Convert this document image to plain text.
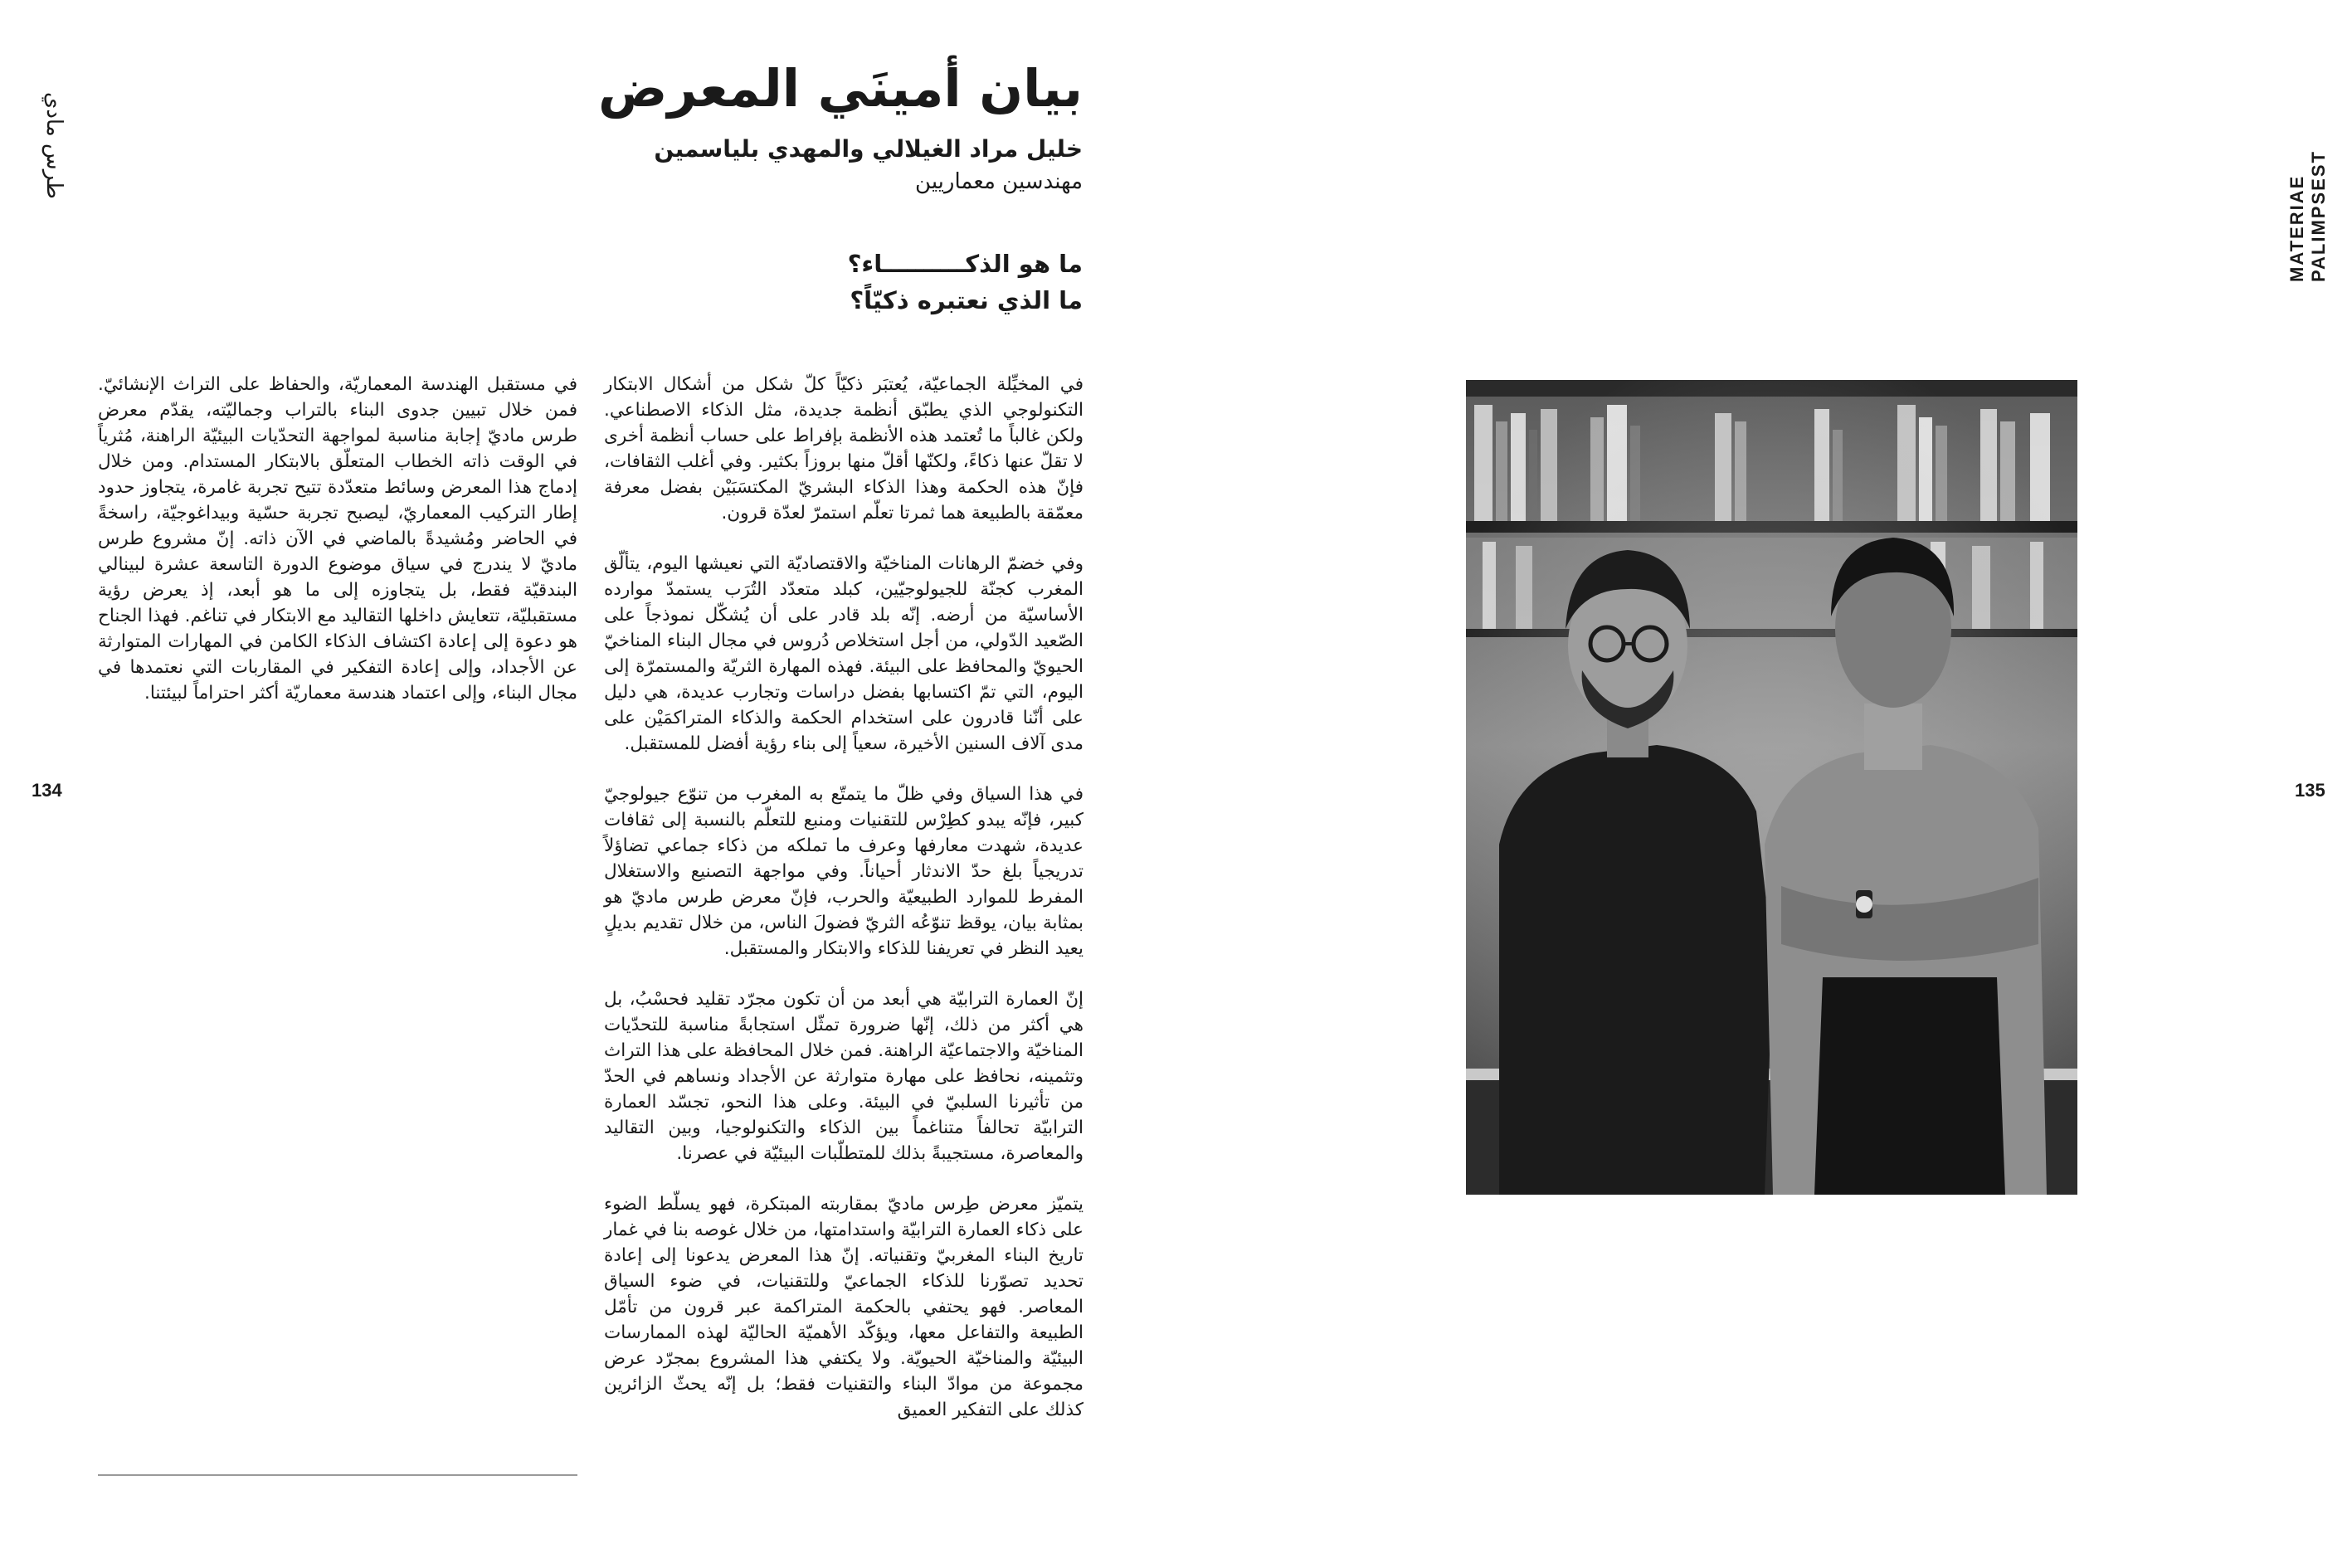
MATERIAE PALIMPSEST
طرس مادي
134	135
بيان أمينَي المعرض
خليل مراد الغيلالي والمهدي بلياسمين
مهندسين معماريين
ما هو الذكــــــــــاء؟
ما الذي نعتبره ذكيّاً؟

في المخيِّلة الجماعيّة، يُعتبَر ذكيّاً كلّ شكل من أشكال الابتكار التكنولوجي الذي يطبّق أنظمة جديدة، مثل الذكاء الاصطناعي. ولكن غالباً ما تُعتمد هذه الأنظمة بإفراط على حساب أنظمة أخرى لا تقلّ عنها ذكاءً، ولكنّها أقلّ منها بروزاً بكثير. وفي أغلب الثقافات، فإنّ هذه الحكمة وهذا الذكاء البشريّ المكتسَبَيْن بفضل معرفة معمّقة بالطبيعة هما ثمرتا تعلّم استمرّ لعدّة قرون.

وفي خضمّ الرهانات المناخيّة والاقتصاديّة التي نعيشها اليوم، يتألّق المغرب كجنّة للجيولوجيّين، كبلد متعدّد التُرَب يستمدّ موارده الأساسيّة من أرضه. إنّه بلد قادر على أن يُشكّل نموذجاً على الصّعيد الدّولي، من أجل استخلاص دُروس في مجال البناء المناخيّ الحيويّ والمحافظ على البيئة. فهذه المهارة الثريّة والمستمرّة إلى اليوم، التي تمّ اكتسابها بفضل دراسات وتجارب عديدة، هي دليل على أنّنا قادرون على استخدام الحكمة والذكاء المتراكمَيْن على مدى آلاف السنين الأخيرة، سعياً إلى بناء رؤية أفضل للمستقبل.

في هذا السياق وفي ظلّ ما يتمتّع به المغرب من تنوّع جيولوجيّ كبير، فإنّه يبدو كطِرْس للتقنيات ومنبع للتعلّم بالنسبة إلى ثقافات عديدة، شهدت معارفها وعرف ما تملكه من ذكاء جماعي تضاؤلاً تدريجياً بلغ حدّ الاندثار أحياناً. وفي مواجهة التصنيع والاستغلال المفرط للموارد الطبيعيّة والحرب، فإنّ معرض طرس ماديّ هو بمثابة بيان، يوقظ تنوّعُه الثريّ فضولَ الناس، من خلال تقديم بديلٍ يعيد النظر في تعريفنا للذكاء والابتكار والمستقبل.

إنّ العمارة الترابيّة هي أبعد من أن تكون مجرّد تقليد فحسْبُ، بل هي أكثر من ذلك، إنّها ضرورة تمثّل استجابةً مناسبة للتحدّيات المناخيّة والاجتماعيّة الراهنة. فمن خلال المحافظة على هذا التراث وتثمينه، نحافظ على مهارة متوارثة عن الأجداد ونساهم في الحدّ من تأثيرنا السلبيّ في البيئة. وعلى هذا النحو، تجسّد العمارة الترابيّة تحالفاً متناغماً بين الذكاء والتكنولوجيا، وبين التقاليد والمعاصرة، مستجيبةً بذلك للمتطلّبات البيئيّة في عصرنا.

يتميّز معرض طِرس ماديّ بمقاربته المبتكرة، فهو يسلّط الضوء على ذكاء العمارة الترابيّة واستدامتها، من خلال غوصه بنا في غمار تاريخ البناء المغربيّ وتقنياته. إنّ هذا المعرض يدعونا إلى إعادة تحديد تصوّرنا للذكاء الجماعيّ وللتقنيات، في ضوء السياق المعاصر. فهو يحتفي بالحكمة المتراكمة عبر قرون من تأمّل الطبيعة والتفاعل معها، ويؤكّد الأهميّة الحاليّة لهذه الممارسات البيئيّة والمناخيّة الحيويّة. ولا يكتفي هذا المشروع بمجرّد عرض مجموعة من موادّ البناء والتقنيات فقط؛ بل إنّه يحثّ الزائرين كذلك على التفكير العميق

في مستقبل الهندسة المعماريّة، والحفاظ على التراث الإنشائيّ. فمن خلال تبيين جدوى البناء بالتراب وجماليّته، يقدّم معرض طرس ماديّ إجابة مناسبة لمواجهة التحدّيات البيئيّة الراهنة، مُثرياً في الوقت ذاته الخطاب المتعلّق بالابتكار المستدام. ومن خلال إدماج هذا المعرض وسائط متعدّدة تتيح تجربة غامرة، يتجاوز حدود إطار التركيب المعماريّ، ليصبح تجربة حسّية وبيداغوجيّة، راسخةً في الحاضر ومُشيدةً بالماضي في الآن ذاته. إنّ مشروع طرس ماديّ لا يندرج في سياق موضوع الدورة التاسعة عشرة لبينالي البندقيّة فقط، بل يتجاوزه إلى ما هو أبعد، إذ يعرض رؤية مستقبليّة، تتعايش داخلها التقاليد مع الابتكار في تناغم. فهذا الجناح هو دعوة إلى إعادة اكتشاف الذكاء الكامن في المهارات المتوارثة عن الأجداد، وإلى إعادة التفكير في المقاربات التي نعتمدها في مجال البناء، وإلى اعتماد هندسة معماريّة أكثر احتراماً لبيئتنا.
